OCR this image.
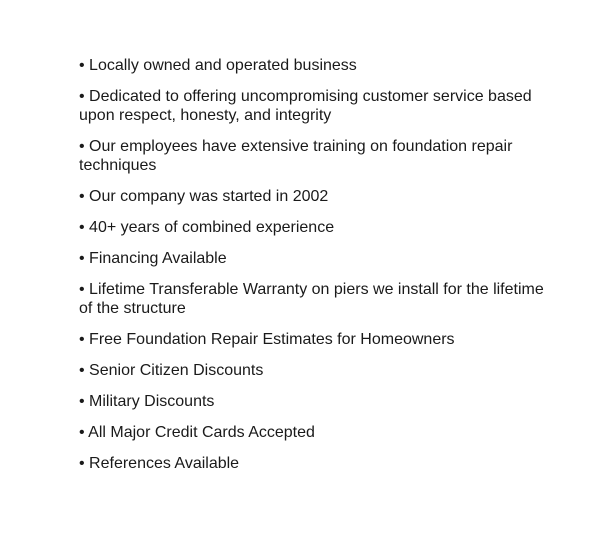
• Locally owned and operated business
• Dedicated to offering uncompromising customer service based upon respect, honesty, and integrity
• Our employees have extensive training on foundation repair techniques
• Our company was started in 2002
• 40+ years of combined experience
• Financing Available
• Lifetime Transferable Warranty on piers we install for the lifetime of the structure
• Free Foundation Repair Estimates for Homeowners
• Senior Citizen Discounts
• Military Discounts
• All Major Credit Cards Accepted
• References Available
